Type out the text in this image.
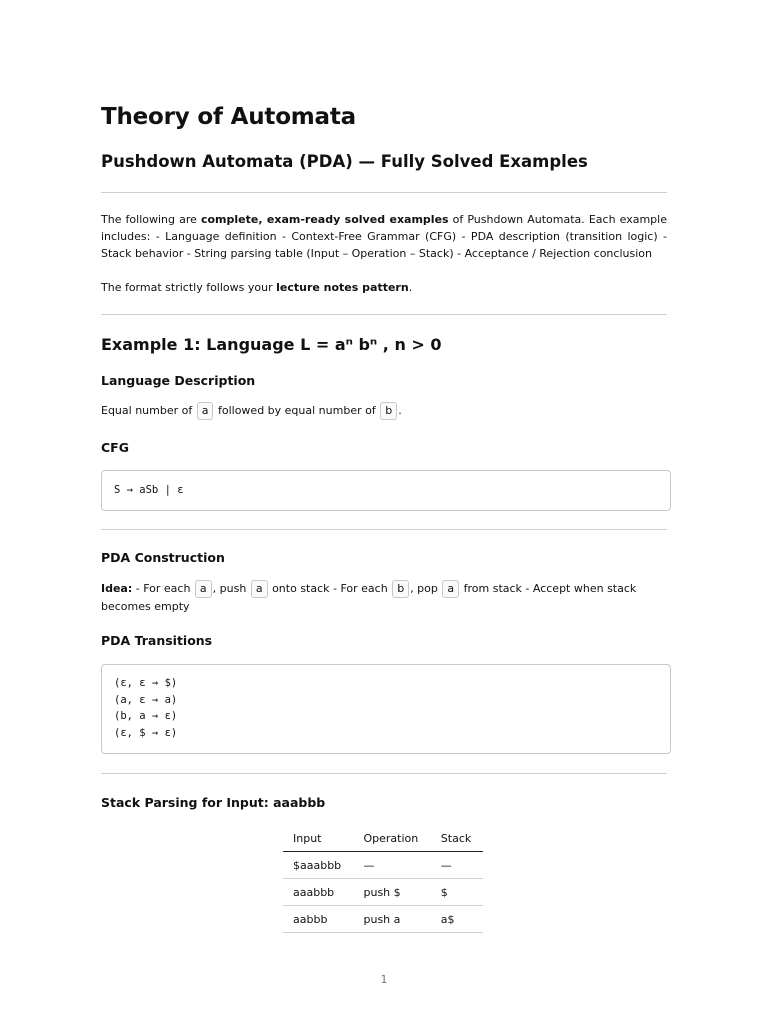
Theory of Automata
Pushdown Automata (PDA) — Fully Solved Examples

The following are complete, exam-ready solved examples of Pushdown Automata. Each example includes: - Language definition - Context-Free Grammar (CFG) - PDA description (transition logic) - Stack behavior - String parsing table (Input – Operation – Stack) - Acceptance / Rejection conclusion

The format strictly follows your lecture notes pattern.

Example 1: Language L = aⁿ bⁿ , n > 0
Language Description

Equal number of a followed by equal number of b .

CFG
S → aSb | ε
PDA Construction

Idea: - For each a , push a onto stack - For each b , pop a from stack - Accept when stack becomes empty

PDA Transitions
(ε, ε → $)
(a, ε → a)
(b, a → ε)
(ε, $ → ε)
Stack Parsing for Input: aaabbb
Input	Operation	Stack
$aaabbb	—	—
aaabbb	push $	$
aabbb	push a	a$
1
